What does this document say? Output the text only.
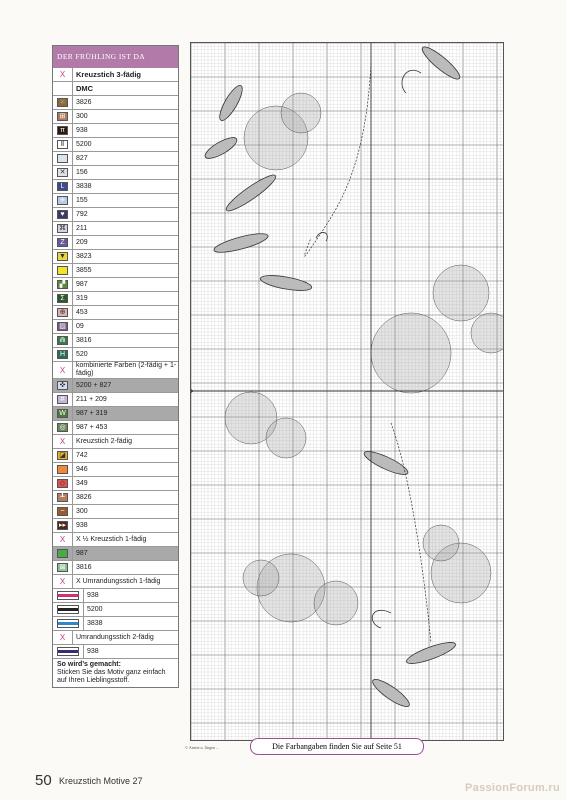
DER FRÜHLING IST DA
X	Kreuzstich 3-fädig
DMC
⁙	3826
⊞	300
π	938
Ⅱ	5200
827
✕	156
L	3838
✳	155
♥	792
⌘	211
Z	209
▼	3823
3855
▞	987
Σ	319
⊕	453
▨	09
⋒	3816
H	520
X	kombinierte Farben (2-fädig + 1-fädig)
✜	5200 + 827
#	211 + 209
W	987 + 319
◎	987 + 453
X	Kreuzstich 2-fädig
◪	742
946
◇	349
┸	3826
~	300
▸▸	938
X	X ½ Kreuzstich 1-fädig
987
⊠	3816
X	X Umrandungsstich 1-fädig
938
5200
3838
X	Umrandungsstich 2-fädig
938
So wird’s gemacht:
Sticken Sie das Motiv ganz einfach auf Ihren Lieblingsstoff.
© Anette u. Jürgen ...	Die Farbangaben finden Sie auf Seite 51
50 Kreuzstich Motive 27
PassionForum.ru
